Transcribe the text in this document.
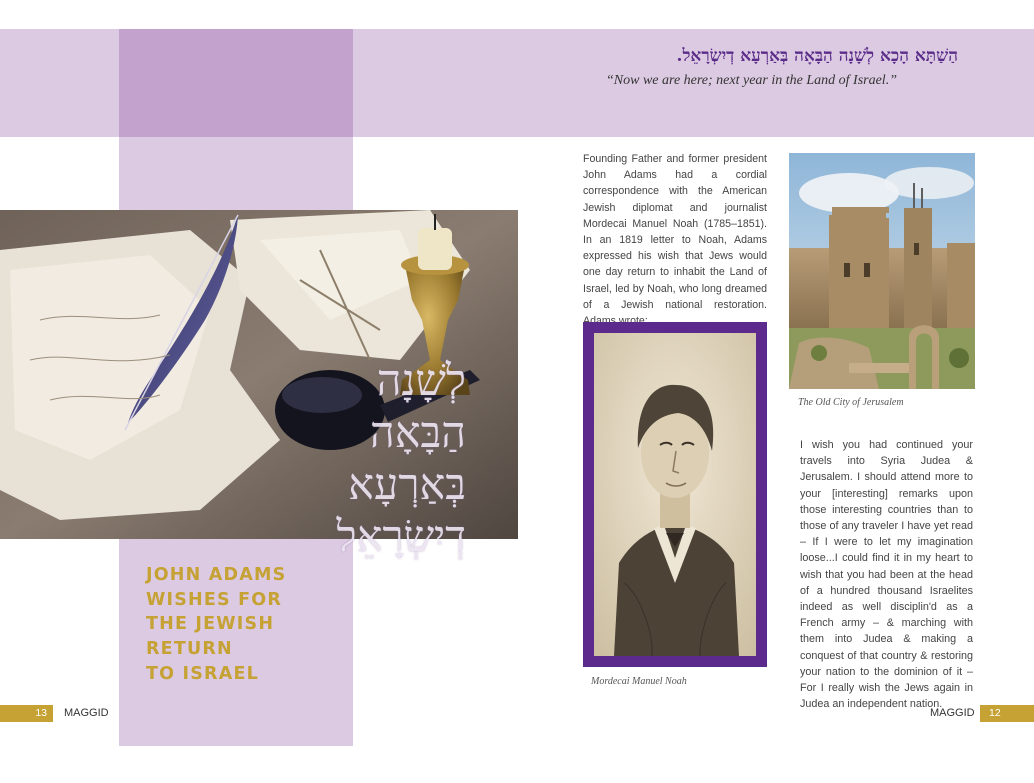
הַשַׁתָּא הָכָא לְשָׁנָה הַבָּאָה בְּאַרְעָא דְיִשְׂרָאֵל.
“Now we are here; next year in the Land of Israel.”
לְשָׁנָה
הַבָּאָה
בְּאַרְעָא
דְיִשְׂרָאֵל
JOHN ADAMS
WISHES FOR
THE JEWISH
RETURN
TO ISRAEL

Founding Father and former president John Adams had a cordial correspondence with the American Jewish diplomat and journalist Mordecai Manuel Noah (1785–1851). In an 1819 letter to Noah, Adams expressed his wish that Jews would one day return to inhabit the Land of Israel, led by Noah, who long dreamed of a Jewish national restoration.

Mordecai Manuel Noah
The Old City of Jerusalem

I wish you had continued your travels into Syria Judea & Jerusalem. I should attend more to your [interesting] remarks upon those interesting countries than to those of any traveler I have yet read – If I were to let my imagination loose...I could find it in my heart to wish that you had been at the head of a hundred thousand Israelites indeed as well disciplin'd as a French army – & marching with them into Judea & making a conquest of that country & restoring your nation to the dominion of it – For I really wish the Jews again in Judea an independent nation.

13	MAGGID	MAGGID	12
